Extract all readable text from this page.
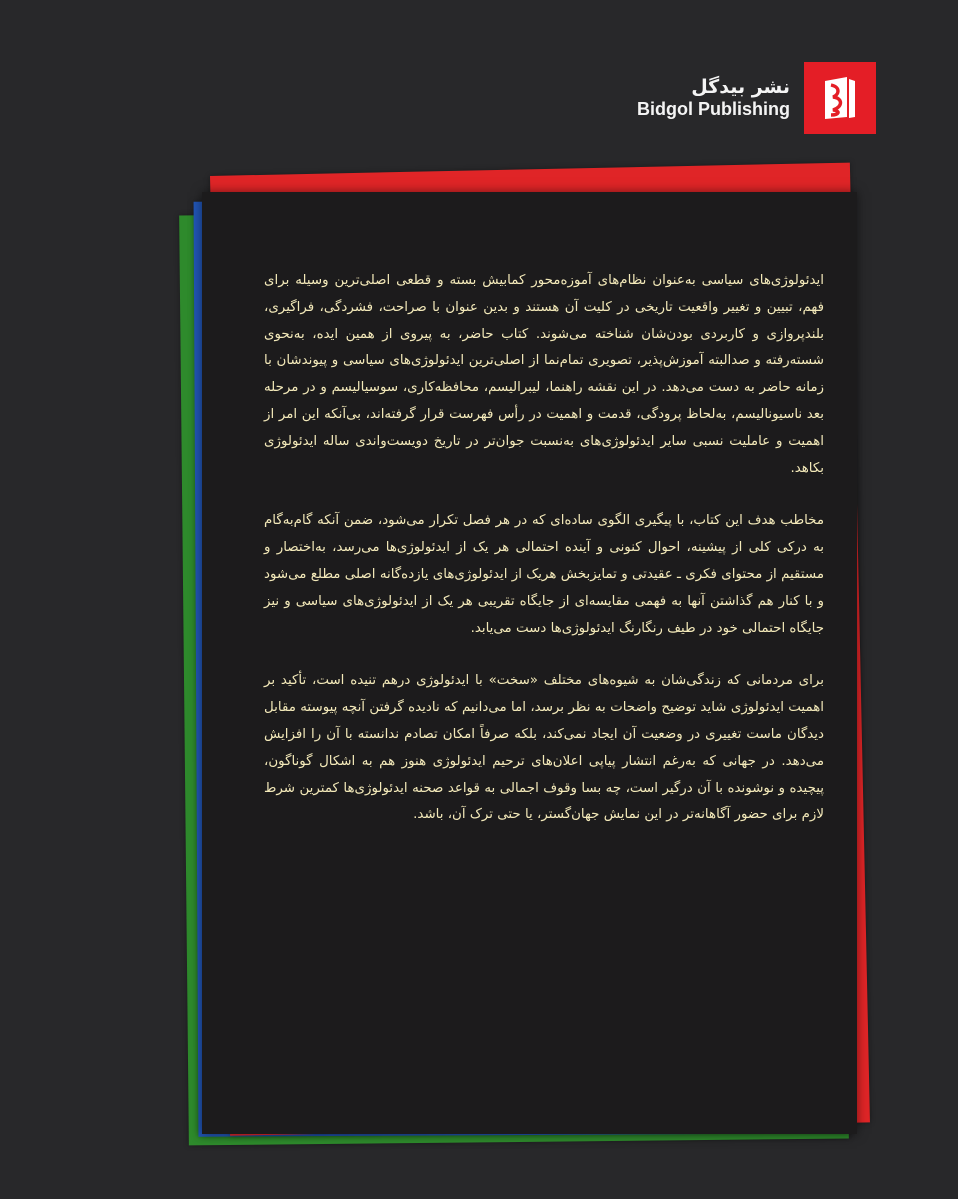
نشر بیدگل
Bidgol Publishing

ایدئولوژی‌های سیاسی به‌عنوان نظام‌های آموزه‌محور کمابیش بسته و قطعی اصلی‌ترین وسیله برای فهم، تبیین و تغییر واقعیت تاریخی در کلیت آن هستند و بدین عنوان با صراحت، فشردگی، فراگیری، بلندپروازی و کاربردی بودن‌شان شناخته می‌شوند. کتاب حاضر، به پیروی از همین ایده، به‌نحوی شسته‌رفته و صدالبته آموزش‌پذیر، تصویری تمام‌نما از اصلی‌ترین ایدئولوژی‌های سیاسی و پیوندشان با زمانه حاضر به دست می‌دهد. در این نقشه راهنما، لیبرالیسم، محافظه‌کاری، سوسیالیسم و در مرحله بعد ناسیونالیسم، به‌لحاظ پرودگی، قدمت و اهمیت در رأس فهرست قرار گرفته‌اند، بی‌آنکه این امر از اهمیت و عاملیت نسبی سایر ایدئولوژی‌های به‌نسبت جوان‌تر در تاریخ دویست‌واندی ساله ایدئولوژی بکاهد.

مخاطب هدف این کتاب، با پیگیری الگوی ساده‌ای که در هر فصل تکرار می‌شود، ضمن آنکه گام‌به‌گام به درکی کلی از پیشینه، احوال کنونی و آینده احتمالی هر یک از ایدئولوژی‌ها می‌رسد، به‌اختصار و مستقیم از محتوای فکری ـ عقیدتی و تمایزبخش هریک از ایدئولوژی‌های یازده‌گانه اصلی مطلع می‌شود و با کنار هم گذاشتن آنها به فهمی مقایسه‌ای از جایگاه تقریبی هر یک از ایدئولوژی‌های سیاسی و نیز جایگاه احتمالی خود در طیف رنگارنگ ایدئولوژی‌ها دست می‌یابد.

برای مردمانی که زندگی‌شان به شیوه‌های مختلف «سخت» با ایدئولوژی درهم تنیده است، تأکید بر اهمیت ایدئولوژی شاید توضیح واضحات به نظر برسد، اما می‌دانیم که نادیده گرفتن آنچه پیوسته مقابل دیدگان ماست تغییری در وضعیت آن ایجاد نمی‌کند، بلکه صرفاً امکان تصادم ندانسته با آن را افزایش می‌دهد. در جهانی که به‌رغم انتشار پیاپی اعلان‌های ترحیم ایدئولوژی هنوز هم به اشکال گوناگون، پیچیده و نوشونده با آن درگیر است، چه بسا وقوف اجمالی به قواعد صحنه ایدئولوژی‌ها کمترین شرط لازم برای حضور آگاهانه‌تر در این نمایش جهان‌گستر، یا حتی ترک آن، باشد.
